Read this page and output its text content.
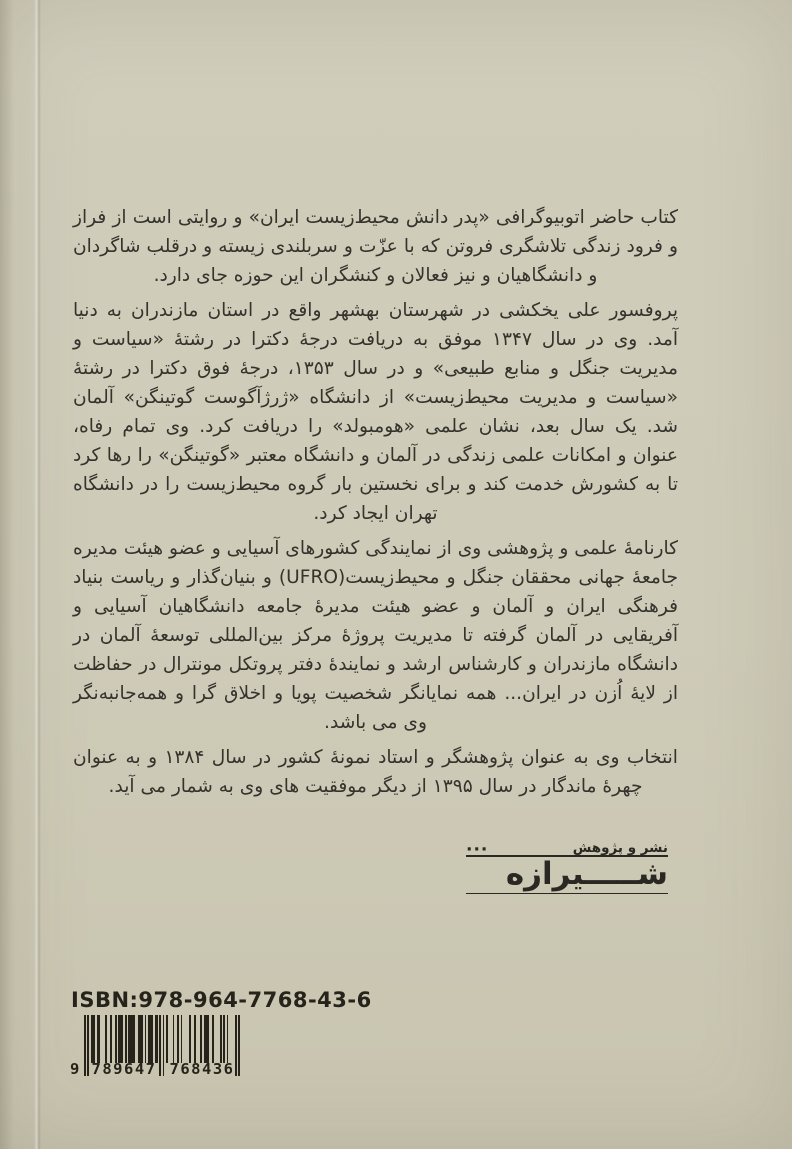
کتاب حاضر اتوبیوگرافی «پدر دانش محیط‌زیست ایران» و روایتی است از فراز و فرود زندگی تلاشگری فروتن که با عزّت و سربلندی زیسته و درقلب شاگردان و دانشگاهیان و نیز فعالان و کنشگران این حوزه جای دارد.

پروفسور علی یخکشی در شهرستان بهشهر واقع در استان مازندران به دنیا آمد. وی در سال ۱۳۴۷ موفق به دریافت درجهٔ دکترا در رشتهٔ «سیاست و مدیریت جنگل و منابع طبیعی» و در سال ۱۳۵۳، درجهٔ فوق دکترا در رشتهٔ «سیاست و مدیریت محیط‌زیست» از دانشگاه «ژرژآگوست گوتینگن» آلمان شد. یک سال بعد، نشان علمی «هومبولد» را دریافت کرد. وی تمام رفاه، عنوان و امکانات علمی زندگی در آلمان و دانشگاه معتبر «گوتینگن» را رها کرد تا به کشورش خدمت کند و برای نخستین بار گروه محیط‌زیست را در دانشگاه تهران ایجاد کرد.

کارنامهٔ علمی و پژوهشی وی از نمایندگی کشورهای آسیایی و عضو هیئت مدیره جامعهٔ جهانی محققان جنگل و محیط‌زیست(UFRO) و بنیان‌گذار و ریاست بنیاد فرهنگی ایران و آلمان و عضو هیئت مدیرهٔ جامعه دانشگاهیان آسیایی و آفریقایی در آلمان گرفته تا مدیریت پروژهٔ مرکز بین‌المللی توسعهٔ آلمان در دانشگاه مازندران و کارشناس ارشد و نمایندهٔ دفتر پروتکل مونترال در حفاظت از لایهٔ اُزن در ایران... همه نمایانگر شخصیت پویا و اخلاق گرا و همه‌جانبه‌نگر وی می باشد.

انتخاب وی به عنوان پژوهشگر و استاد نمونهٔ کشور در سال ۱۳۸۴ و به عنوان چهرهٔ ماندگار در سال ۱۳۹۵ از دیگر موفقیت های وی به شمار می آید.

نشر و پژوهش
···
شـــــیرازه
ISBN:978-964-7768-43-6
9 789647 768436
